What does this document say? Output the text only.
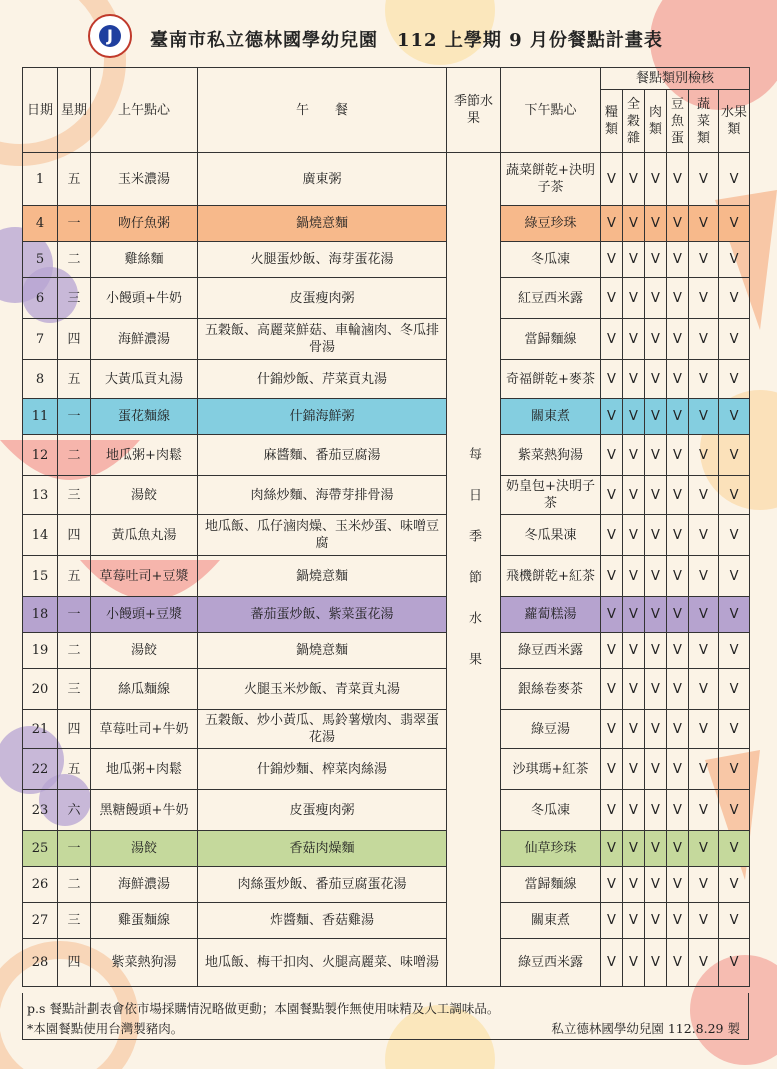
J	臺南市私立德林國學幼兒園　112 上學期 9 月份餐點計畫表
日期	星期	上午點心	午　　餐	季節水果	下午點心	餐點類別檢核					
						糧類	全穀雜	肉類	豆魚蛋	蔬菜類	水果類
1	五	玉米濃湯	廣東粥	每日季節水果	蔬菜餅乾+決明子茶	V	V	V	V	V	V
4	一	吻仔魚粥	鍋燒意麵		綠豆珍珠	V	V	V	V	V	V
5	二	雞絲麵	火腿蛋炒飯、海芽蛋花湯		冬瓜凍	V	V	V	V	V	V
6	三	小饅頭+牛奶	皮蛋瘦肉粥		紅豆西米露	V	V	V	V	V	V
7	四	海鮮濃湯	五穀飯、高麗菜鮮菇、車輪滷肉、冬瓜排骨湯		當歸麵線	V	V	V	V	V	V
8	五	大黃瓜貢丸湯	什錦炒飯、芹菜貢丸湯		奇福餅乾+麥茶	V	V	V	V	V	V
11	一	蛋花麵線	什錦海鮮粥		關東煮	V	V	V	V	V	V
12	二	地瓜粥+肉鬆	麻醬麵、番茄豆腐湯		紫菜熱狗湯	V	V	V	V	V	V
13	三	湯餃	肉絲炒麵、海帶芽排骨湯		奶皇包+決明子茶	V	V	V	V	V	V
14	四	黃瓜魚丸湯	地瓜飯、瓜仔滷肉燥、玉米炒蛋、味噌豆腐		冬瓜果凍	V	V	V	V	V	V
15	五	草莓吐司+豆漿	鍋燒意麵		飛機餅乾+紅茶	V	V	V	V	V	V
18	一	小饅頭+豆漿	蕃茄蛋炒飯、紫菜蛋花湯		蘿蔔糕湯	V	V	V	V	V	V
19	二	湯餃	鍋燒意麵		綠豆西米露	V	V	V	V	V	V
20	三	絲瓜麵線	火腿玉米炒飯、青菜貢丸湯		銀絲卷麥茶	V	V	V	V	V	V
21	四	草莓吐司+牛奶	五穀飯、炒小黃瓜、馬鈴薯燉肉、翡翠蛋花湯		綠豆湯	V	V	V	V	V	V
22	五	地瓜粥+肉鬆	什錦炒麵、榨菜肉絲湯		沙琪瑪+紅茶	V	V	V	V	V	V
23	六	黑糖饅頭+牛奶	皮蛋瘦肉粥		冬瓜凍	V	V	V	V	V	V
25	一	湯餃	香菇肉燥麵		仙草珍珠	V	V	V	V	V	V
26	二	海鮮濃湯	肉絲蛋炒飯、番茄豆腐蛋花湯		當歸麵線	V	V	V	V	V	V
27	三	雞蛋麵線	炸醬麵、香菇雞湯		關東煮	V	V	V	V	V	V
28	四	紫菜熱狗湯	地瓜飯、梅干扣肉、火腿高麗菜、味噌湯		綠豆西米露	V	V	V	V	V	V
p.s 餐點計劃表會依市場採購情況略做更動；本園餐點製作無使用味精及人工調味品。
*本園餐點使用台灣製豬肉。	私立德林國學幼兒園 112.8.29 製
